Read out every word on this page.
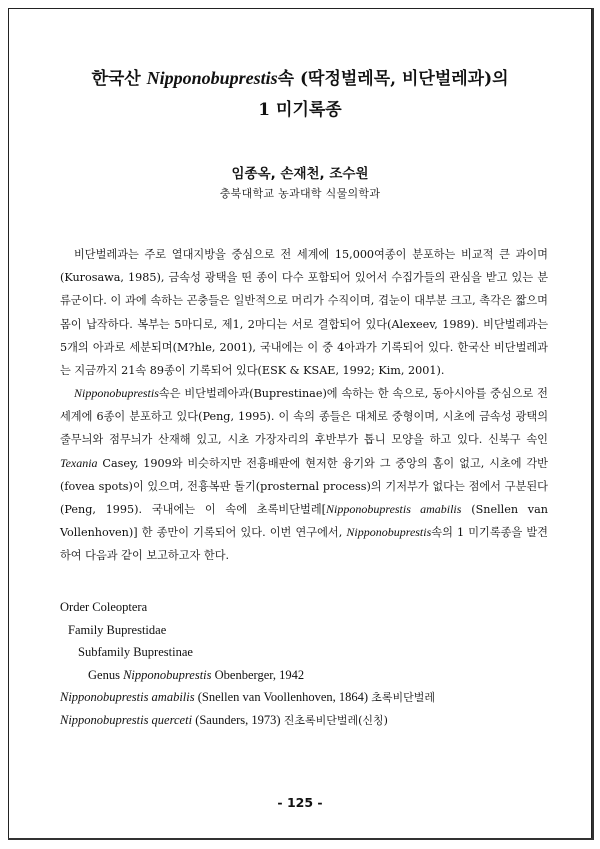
한국산 Nipponobuprestis속 (딱정벌레목, 비단벌레과)의
1 미기록종
임종옥, 손재천, 조수원
충북대학교 농과대학 식물의학과

비단벌레과는 주로 열대지방을 중심으로 전 세계에 15,000여종이 분포하는 비교적 큰 과이며(Kurosawa, 1985), 금속성 광택을 띤 종이 다수 포함되어 있어서 수집가들의 관심을 받고 있는 분류군이다. 이 과에 속하는 곤충들은 일반적으로 머리가 수직이며, 겹눈이 대부분 크고, 촉각은 짧으며 몸이 납작하다. 복부는 5마디로, 제1, 2마디는 서로 결합되어 있다(Alexeev, 1989). 비단벌레과는 5개의 아과로 세분되며(M?hle, 2001), 국내에는 이 중 4아과가 기록되어 있다. 한국산 비단벌레과는 지금까지 21속 89종이 기록되어 있다(ESK & KSAE, 1992; Kim, 2001).

Nipponobuprestis속은 비단벌레아과(Buprestinae)에 속하는 한 속으로, 동아시아를 중심으로 전 세계에 6종이 분포하고 있다(Peng, 1995). 이 속의 종들은 대체로 중형이며, 시초에 금속성 광택의 줄무늬와 점무늬가 산재해 있고, 시초 가장자리의 후반부가 톱니 모양을 하고 있다. 신북구 속인 Texania Casey, 1909와 비슷하지만 전흉배판에 현저한 융기와 그 중앙의 홈이 없고, 시초에 각반(fovea spots)이 있으며, 전흉복판 돌기(prosternal process)의 기저부가 없다는 점에서 구분된다(Peng, 1995). 국내에는 이 속에 초록비단벌레[Nipponobuprestis amabilis (Snellen van Vollenhoven)] 한 종만이 기록되어 있다. 이번 연구에서, Nipponobuprestis속의 1 미기록종을 발견하여 다음과 같이 보고하고자 한다.

Order Coleoptera
Family Buprestidae
Subfamily Buprestinae
Genus Nipponobuprestis Obenberger, 1942
Nipponobuprestis amabilis (Snellen van Voollenhoven, 1864) 초록비단벌레
Nipponobuprestis querceti (Saunders, 1973) 진초록비단벌레(신칭)
- 125 -
